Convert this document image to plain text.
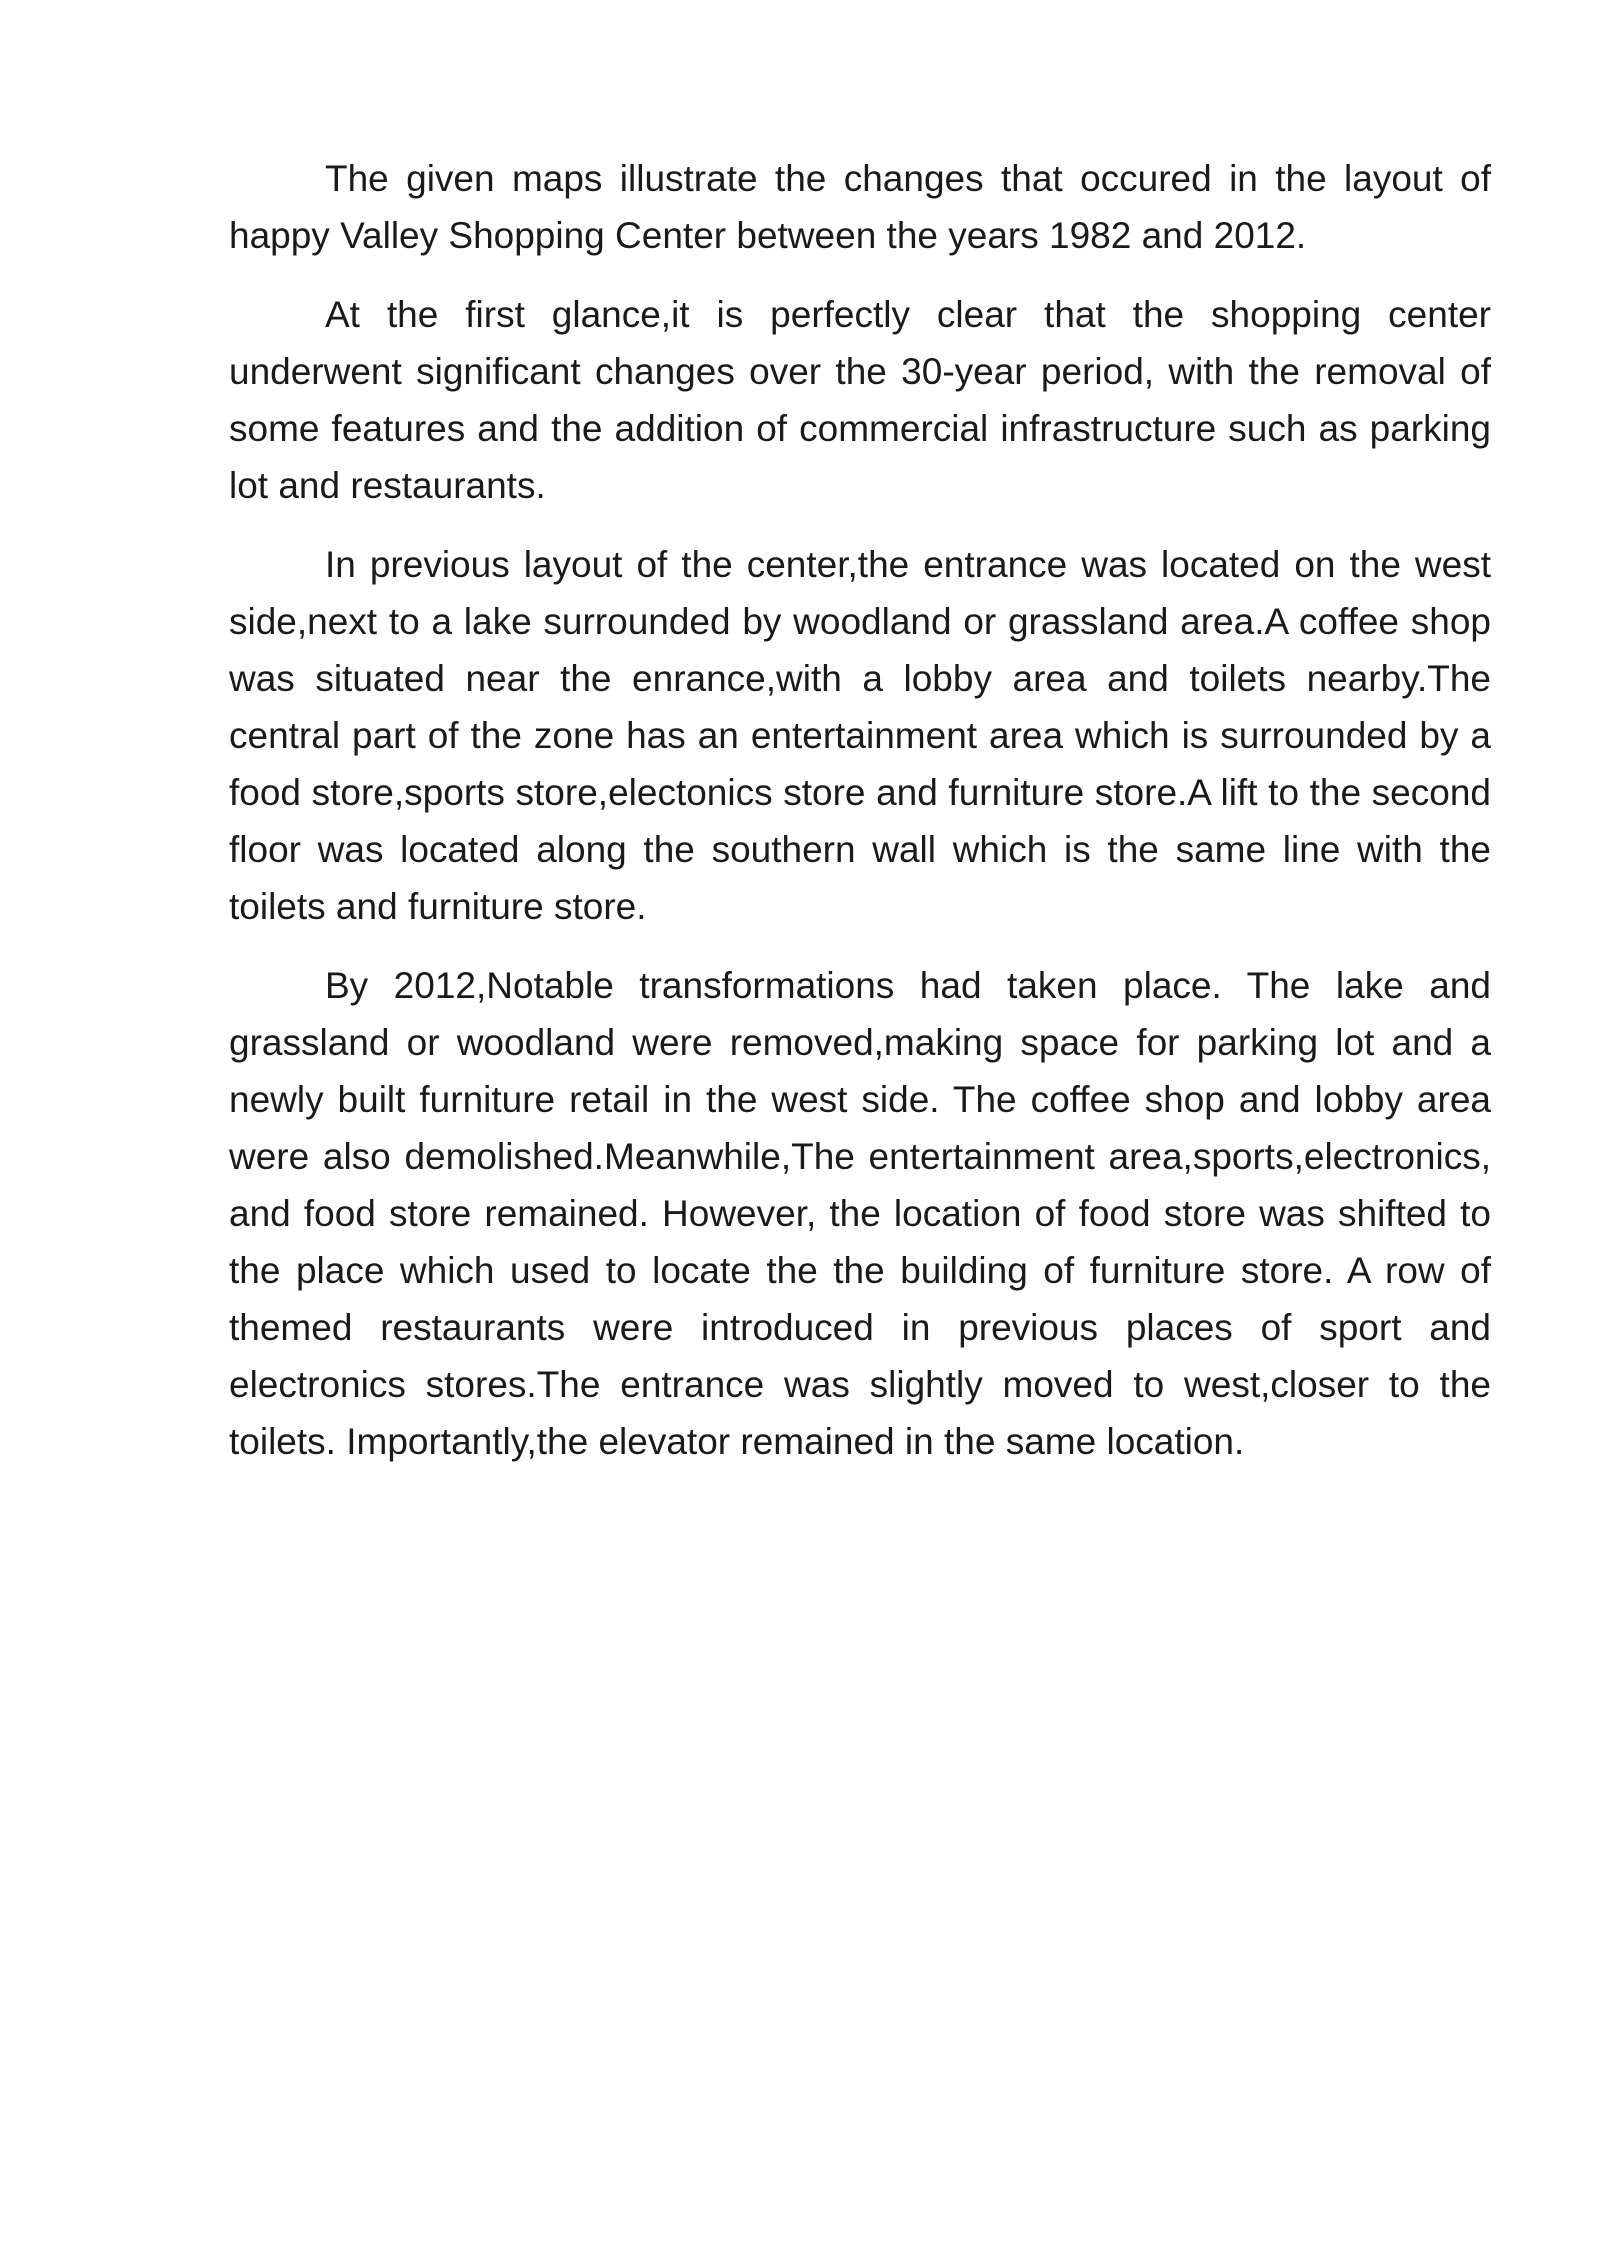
The given maps illustrate the changes that occured in the layout of happy Valley Shopping Center between the years 1982 and 2012.

At the first glance,it is perfectly clear that the shopping center underwent significant changes over the 30-year period, with the removal of some features and the addition of commercial infrastructure such as parking lot and restaurants.

In previous layout of the center,the entrance was located on the west side,next to a lake surrounded by woodland or grassland area.A coffee shop was situated near the enrance,with a lobby area and toilets nearby.The central part of the zone has an entertainment area which is surrounded by a food store,sports store,electonics store and furniture store.A lift to the second floor was located along the southern wall which is the same line with the toilets and furniture store.

By 2012,Notable transformations had taken place. The lake and grassland or woodland were removed,making space for parking lot and a newly built furniture retail in the west side. The coffee shop and lobby area were also demolished.Meanwhile,The entertainment area,sports,electronics, and food store remained. However, the location of food store was shifted to the place which used to locate the the building of furniture store. A row of themed restaurants were introduced in previous places of sport and electronics stores.The entrance was slightly moved to west,closer to the toilets. Importantly,the elevator remained in the same location.
